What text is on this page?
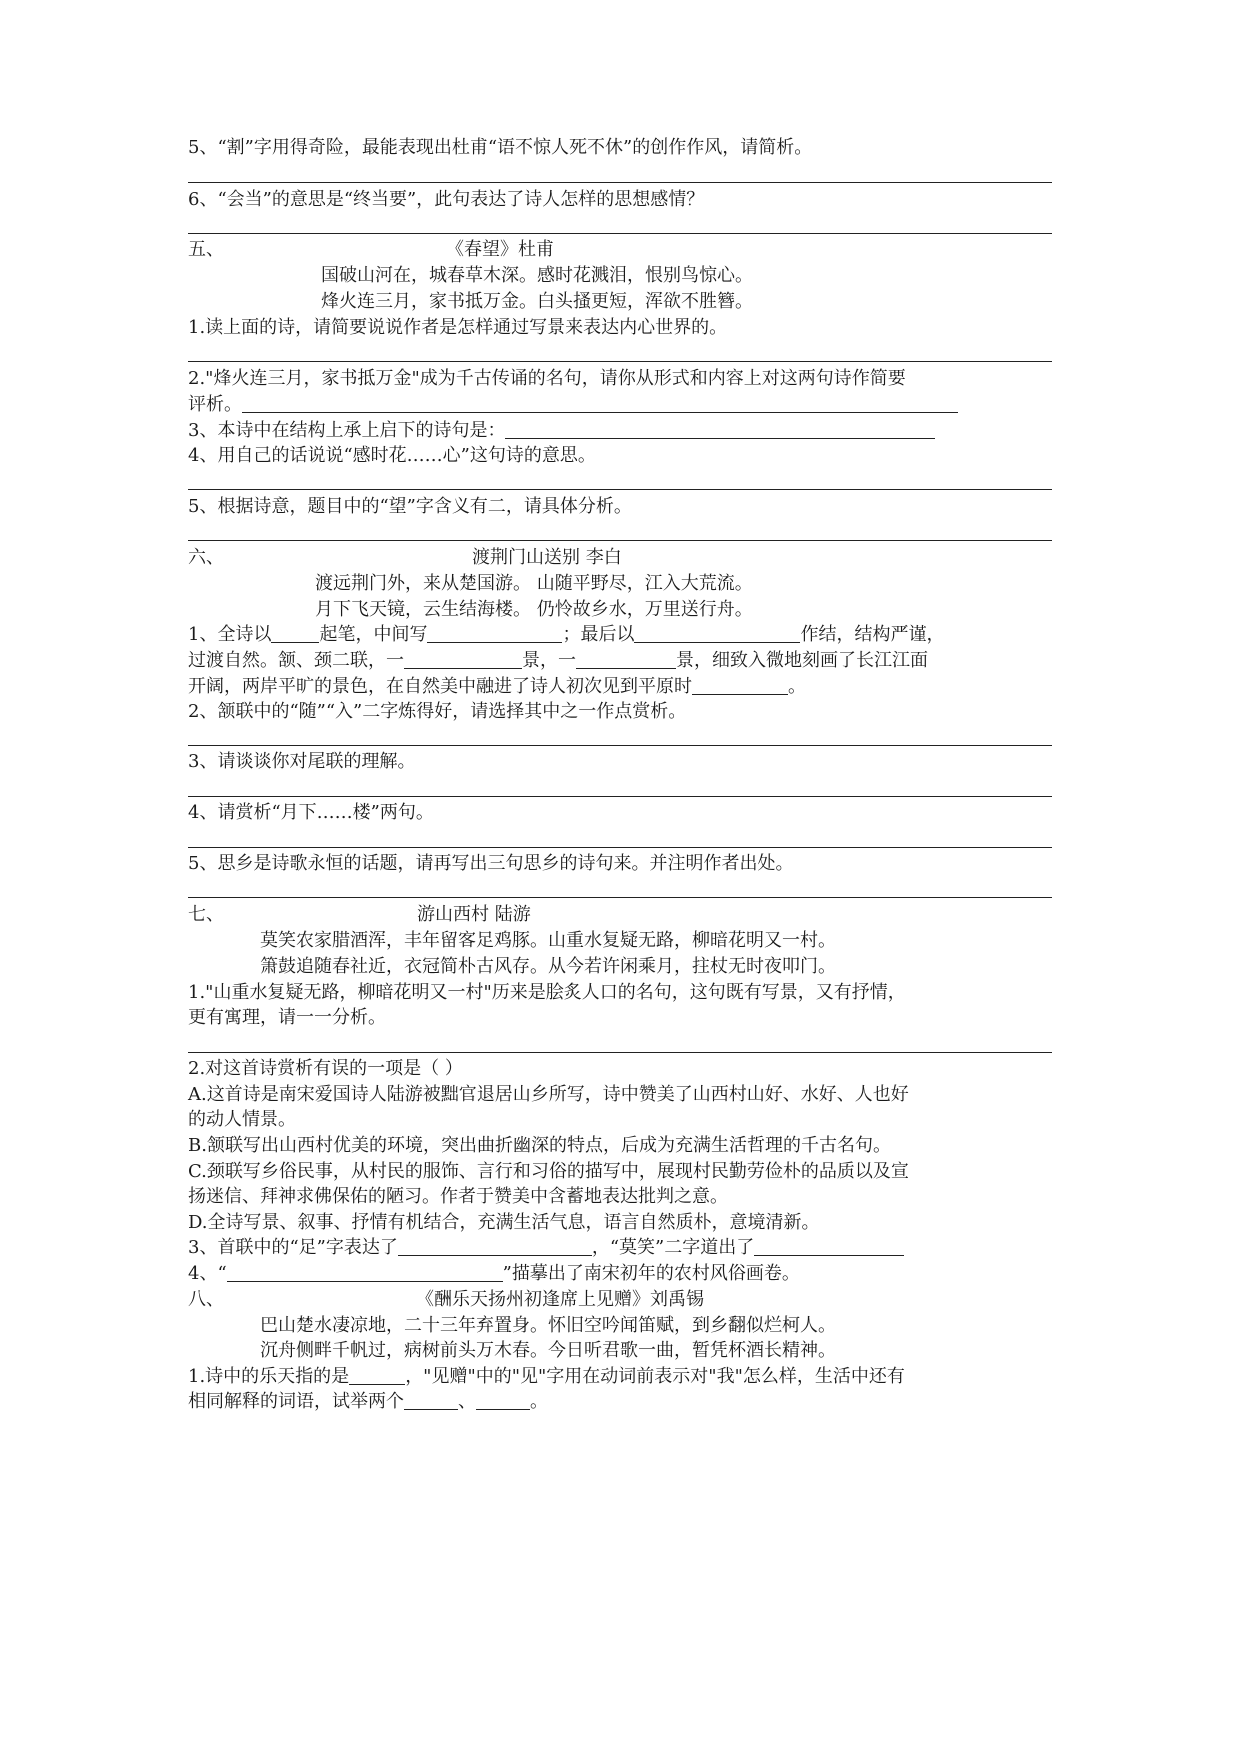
5、“割”字用得奇险，最能表现出杜甫“语不惊人死不休”的创作作风，请简析。
6、“会当”的意思是“终当要”，此句表达了诗人怎样的思想感情？
五、	《春望》杜甫
国破山河在，城春草木深。感时花溅泪，恨别鸟惊心。
烽火连三月，家书抵万金。白头搔更短，浑欲不胜簪。
1.读上面的诗，请简要说说作者是怎样通过写景来表达内心世界的。
2."烽火连三月，家书抵万金"成为千古传诵的名句，请你从形式和内容上对这两句诗作简要
评析。
3、本诗中在结构上承上启下的诗句是：
4、用自己的话说说“感时花……心”这句诗的意思。
5、根据诗意，题目中的“望”字含义有二，请具体分析。
六、	渡荆门山送别 李白
渡远荆门外，来从楚国游。 山随平野尽，江入大荒流。
月下飞天镜，云生结海楼。 仍怜故乡水，万里送行舟。
1、全诗以	起笔，中间写	；最后以	作结，结构严谨，
过渡自然。颔、颈二联，一	景，一	景，细致入微地刻画了长江江面
开阔，两岸平旷的景色，在自然美中融进了诗人初次见到平原时	。
2、颔联中的“随”“入”二字炼得好，请选择其中之一作点赏析。
3、请谈谈你对尾联的理解。
4、请赏析“月下……楼”两句。
5、思乡是诗歌永恒的话题，请再写出三句思乡的诗句来。并注明作者出处。
七、	游山西村 陆游
莫笑农家腊酒浑，丰年留客足鸡豚。山重水复疑无路，柳暗花明又一村。
箫鼓追随春社近，衣冠简朴古风存。从今若许闲乘月，拄杖无时夜叩门。
1."山重水复疑无路，柳暗花明又一村"历来是脍炙人口的名句，这句既有写景，又有抒情，
更有寓理，请一一分析。
2.对这首诗赏析有误的一项是（ ）
A.这首诗是南宋爱国诗人陆游被黜官退居山乡所写，诗中赞美了山西村山好、水好、人也好
的动人情景。
B.颔联写出山西村优美的环境，突出曲折幽深的特点，后成为充满生活哲理的千古名句。
C.颈联写乡俗民事，从村民的服饰、言行和习俗的描写中，展现村民勤劳俭朴的品质以及宣
扬迷信、拜神求佛保佑的陋习。作者于赞美中含蓄地表达批判之意。
D.全诗写景、叙事、抒情有机结合，充满生活气息，语言自然质朴，意境清新。
3、首联中的“足”字表达了	，“莫笑”二字道出了
4、“	”描摹出了南宋初年的农村风俗画卷。
八、	《酬乐天扬州初逢席上见赠》刘禹锡
巴山楚水凄凉地，二十三年弃置身。怀旧空吟闻笛赋，到乡翻似烂柯人。
沉舟侧畔千帆过，病树前头万木春。今日听君歌一曲，暂凭杯酒长精神。
1.诗中的乐天指的是	，"见赠"中的"见"字用在动词前表示对"我"怎么样，生活中还有
相同解释的词语，试举两个	、	。
